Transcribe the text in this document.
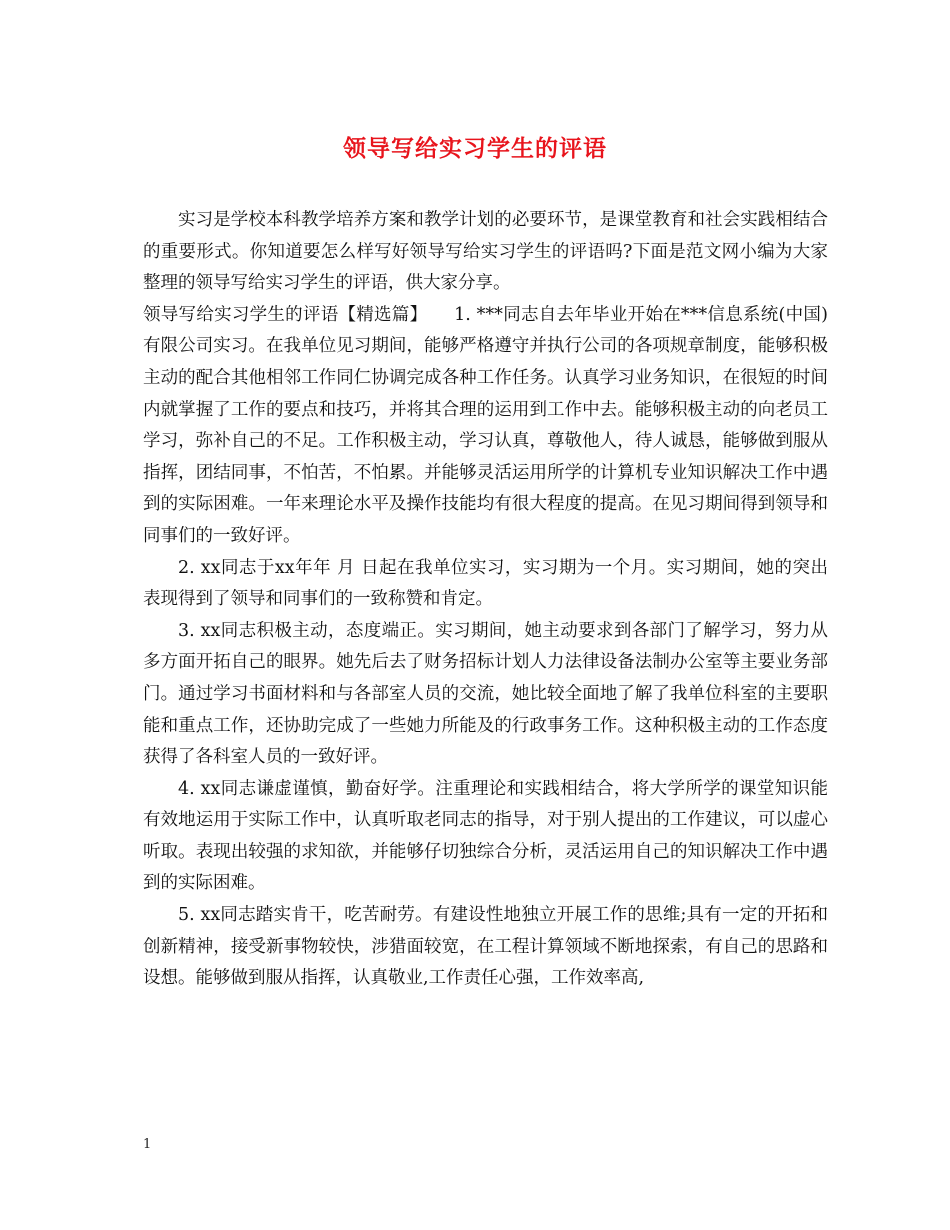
领导写给实习学生的评语

实习是学校本科教学培养方案和教学计划的必要环节，是课堂教育和社会实践相结合的重要形式。你知道要怎么样写好领导写给实习学生的评语吗?下面是范文网小编为大家整理的领导写给实习学生的评语，供大家分享。

领导写给实习学生的评语【精选篇】　　1. ***同志自去年毕业开始在***信息系统(中国)有限公司实习。在我单位见习期间，能够严格遵守并执行公司的各项规章制度，能够积极主动的配合其他相邻工作同仁协调完成各种工作任务。认真学习业务知识，在很短的时间内就掌握了工作的要点和技巧，并将其合理的运用到工作中去。能够积极主动的向老员工学习，弥补自己的不足。工作积极主动，学习认真，尊敬他人，待人诚恳，能够做到服从指挥，团结同事，不怕苦，不怕累。并能够灵活运用所学的计算机专业知识解决工作中遇到的实际困难。一年来理论水平及操作技能均有很大程度的提高。在见习期间得到领导和同事们的一致好评。

2. xx同志于xx年年 月 日起在我单位实习，实习期为一个月。实习期间，她的突出表现得到了领导和同事们的一致称赞和肯定。

3. xx同志积极主动，态度端正。实习期间，她主动要求到各部门了解学习，努力从多方面开拓自己的眼界。她先后去了财务招标计划人力法律设备法制办公室等主要业务部门。通过学习书面材料和与各部室人员的交流，她比较全面地了解了我单位科室的主要职能和重点工作，还协助完成了一些她力所能及的行政事务工作。这种积极主动的工作态度获得了各科室人员的一致好评。

4. xx同志谦虚谨慎，勤奋好学。注重理论和实践相结合，将大学所学的课堂知识能有效地运用于实际工作中，认真听取老同志的指导，对于别人提出的工作建议，可以虚心听取。表现出较强的求知欲，并能够仔切独综合分析，灵活运用自己的知识解决工作中遇到的实际困难。

5. xx同志踏实肯干，吃苦耐劳。有建设性地独立开展工作的思维;具有一定的开拓和创新精神，接受新事物较快，涉猎面较宽，在工程计算领域不断地探索，有自己的思路和设想。能够做到服从指挥，认真敬业,工作责任心强，工作效率高,

1
